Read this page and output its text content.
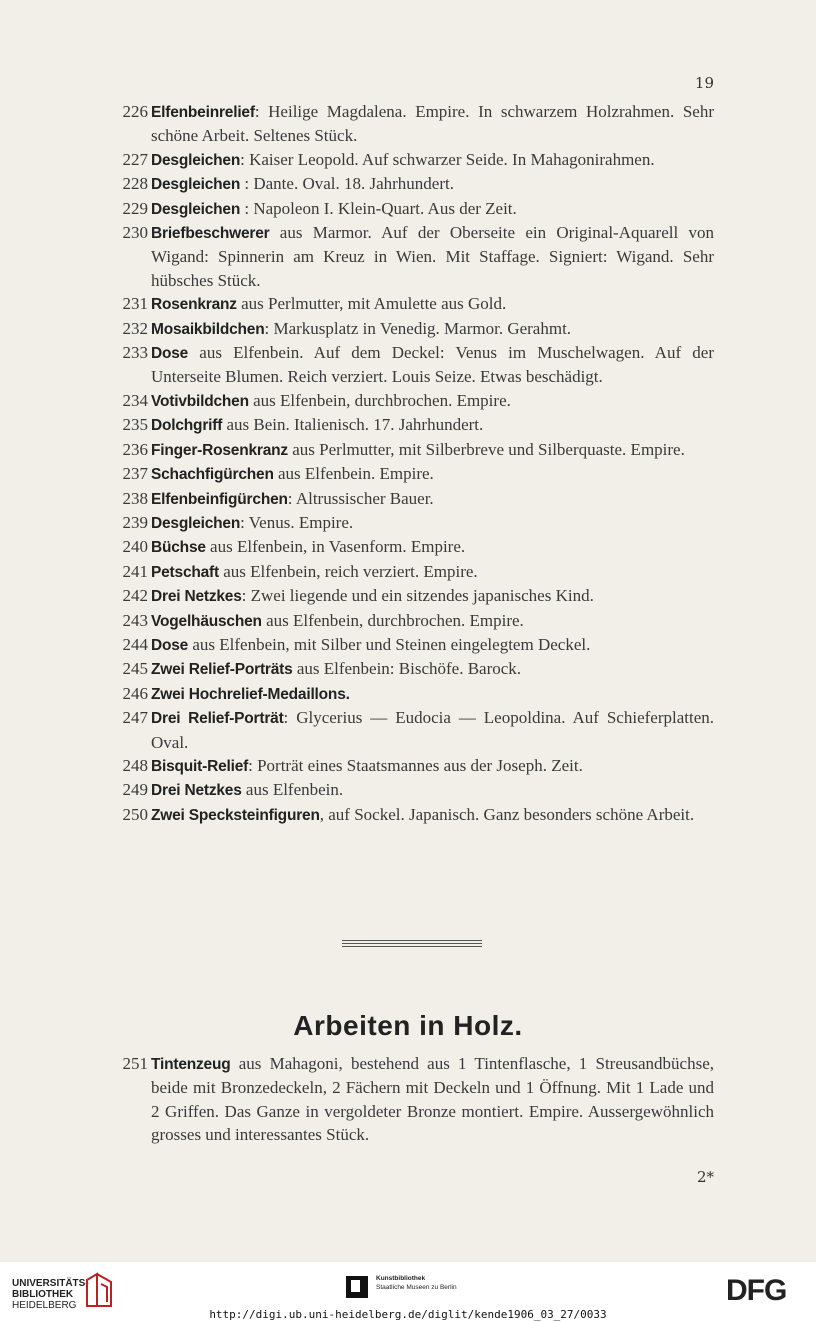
19
226 Elfenbeinrelief: Heilige Magdalena. Empire. In schwarzem Holzrahmen. Sehr schöne Arbeit. Seltenes Stück.
227 Desgleichen: Kaiser Leopold. Auf schwarzer Seide. In Mahagonirahmen.
228 Desgleichen : Dante. Oval. 18. Jahrhundert.
229 Desgleichen : Napoleon I. Klein-Quart. Aus der Zeit.
230 Briefbeschwerer aus Marmor. Auf der Oberseite ein Original-Aquarell von Wigand: Spinnerin am Kreuz in Wien. Mit Staffage. Signiert: Wigand. Sehr hübsches Stück.
231 Rosenkranz aus Perlmutter, mit Amulette aus Gold.
232 Mosaikbildchen: Markusplatz in Venedig. Marmor. Gerahmt.
233 Dose aus Elfenbein. Auf dem Deckel: Venus im Muschelwagen. Auf der Unterseite Blumen. Reich verziert. Louis Seize. Etwas beschädigt.
234 Votivbildchen aus Elfenbein, durchbrochen. Empire.
235 Dolchgriff aus Bein. Italienisch. 17. Jahrhundert.
236 Finger-Rosenkranz aus Perlmutter, mit Silberbreve und Silberquaste. Empire.
237 Schachfigürchen aus Elfenbein. Empire.
238 Elfenbeinfigürchen: Altrussischer Bauer.
239 Desgleichen: Venus. Empire.
240 Büchse aus Elfenbein, in Vasenform. Empire.
241 Petschaft aus Elfenbein, reich verziert. Empire.
242 Drei Netzkes: Zwei liegende und ein sitzendes japanisches Kind.
243 Vogelhäuschen aus Elfenbein, durchbrochen. Empire.
244 Dose aus Elfenbein, mit Silber und Steinen eingelegtem Deckel.
245 Zwei Relief-Porträts aus Elfenbein: Bischöfe. Barock.
246 Zwei Hochrelief-Medaillons.
247 Drei Relief-Porträt: Glycerius — Eudocia — Leopoldina. Auf Schieferplatten. Oval.
248 Bisquit-Relief: Porträt eines Staatsmannes aus der Joseph. Zeit.
249 Drei Netzkes aus Elfenbein.
250 Zwei Specksteinfiguren, auf Sockel. Japanisch. Ganz besonders schöne Arbeit.
Arbeiten in Holz.
251 Tintenzeug aus Mahagoni, bestehend aus 1 Tintenflasche, 1 Streusandbüchse, beide mit Bronzedeckeln, 2 Fächern mit Deckeln und 1 Öffnung. Mit 1 Lade und 2 Griffen. Das Ganze in vergoldeter Bronze montiert. Empire. Aussergewöhnlich grosses und interessantes Stück.
2*
UNIVERSITÄTS-
BIBLIOTHEK
HEIDELBERG
Kunstbibliothek
Staatliche Museen zu Berlin	DFG
http://digi.ub.uni-heidelberg.de/diglit/kende1906_03_27/0033
